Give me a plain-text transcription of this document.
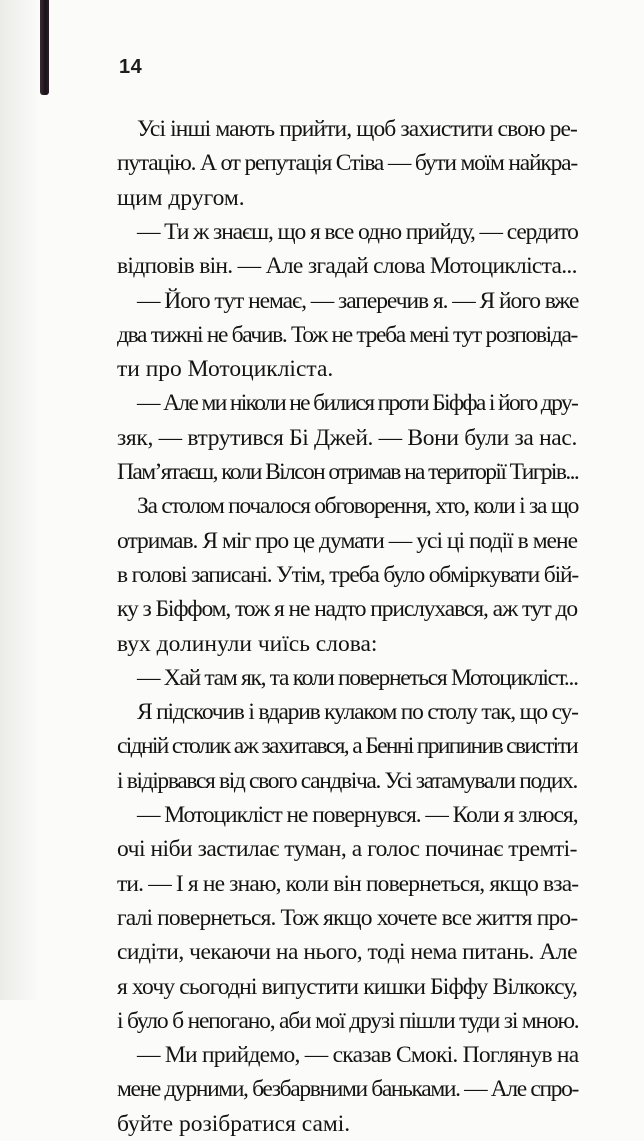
14
Усі інші мають прийти, щоб захистити свою ре-
путацію. А от репутація Стіва — бути моїм найкра-
щим другом.
— Ти ж знаєш, що я все одно прийду, — сердито
відповів він. — Але згадай слова Мотоцикліста...
— Його тут немає, — заперечив я. — Я його вже
два тижні не бачив. Тож не треба мені тут розповіда-
ти про Мотоцикліста.
— Але ми ніколи не билися проти Біффа і його дру-
зяк, — втрутився Бі Джей. — Вони були за нас.
Пам’ятаєш, коли Вілсон отримав на території Тигрів...
За столом почалося обговорення, хто, коли і за що
отримав. Я міг про це думати — усі ці події в мене
в голові записані. Утім, треба було обміркувати бій-
ку з Біффом, тож я не надто прислухався, аж тут до
вух долинули чиїсь слова:
— Хай там як, та коли повернеться Мотоцикліст...
Я підскочив і вдарив кулаком по столу так, що су-
сідній столик аж захитався, а Бенні припинив свистіти
і відірвався від свого сандвіча. Усі затамували подих.
— Мотоцикліст не повернувся. — Коли я злюся,
очі ніби застилає туман, а голос починає тремті-
ти. — І я не знаю, коли він повернеться, якщо взa-
галі повернеться. Тож якщо хочете все життя про-
сидіти, чекаючи на нього, тоді нема питань. Але
я хочу сьогодні випустити кишки Біффу Вілкоксу,
і було б непогано, аби мої друзі пішли туди зі мною.
— Ми прийдемо, — сказав Смокі. Поглянув на
мене дурними, безбарвними баньками. — Але спро-
буйте розібратися самі.
